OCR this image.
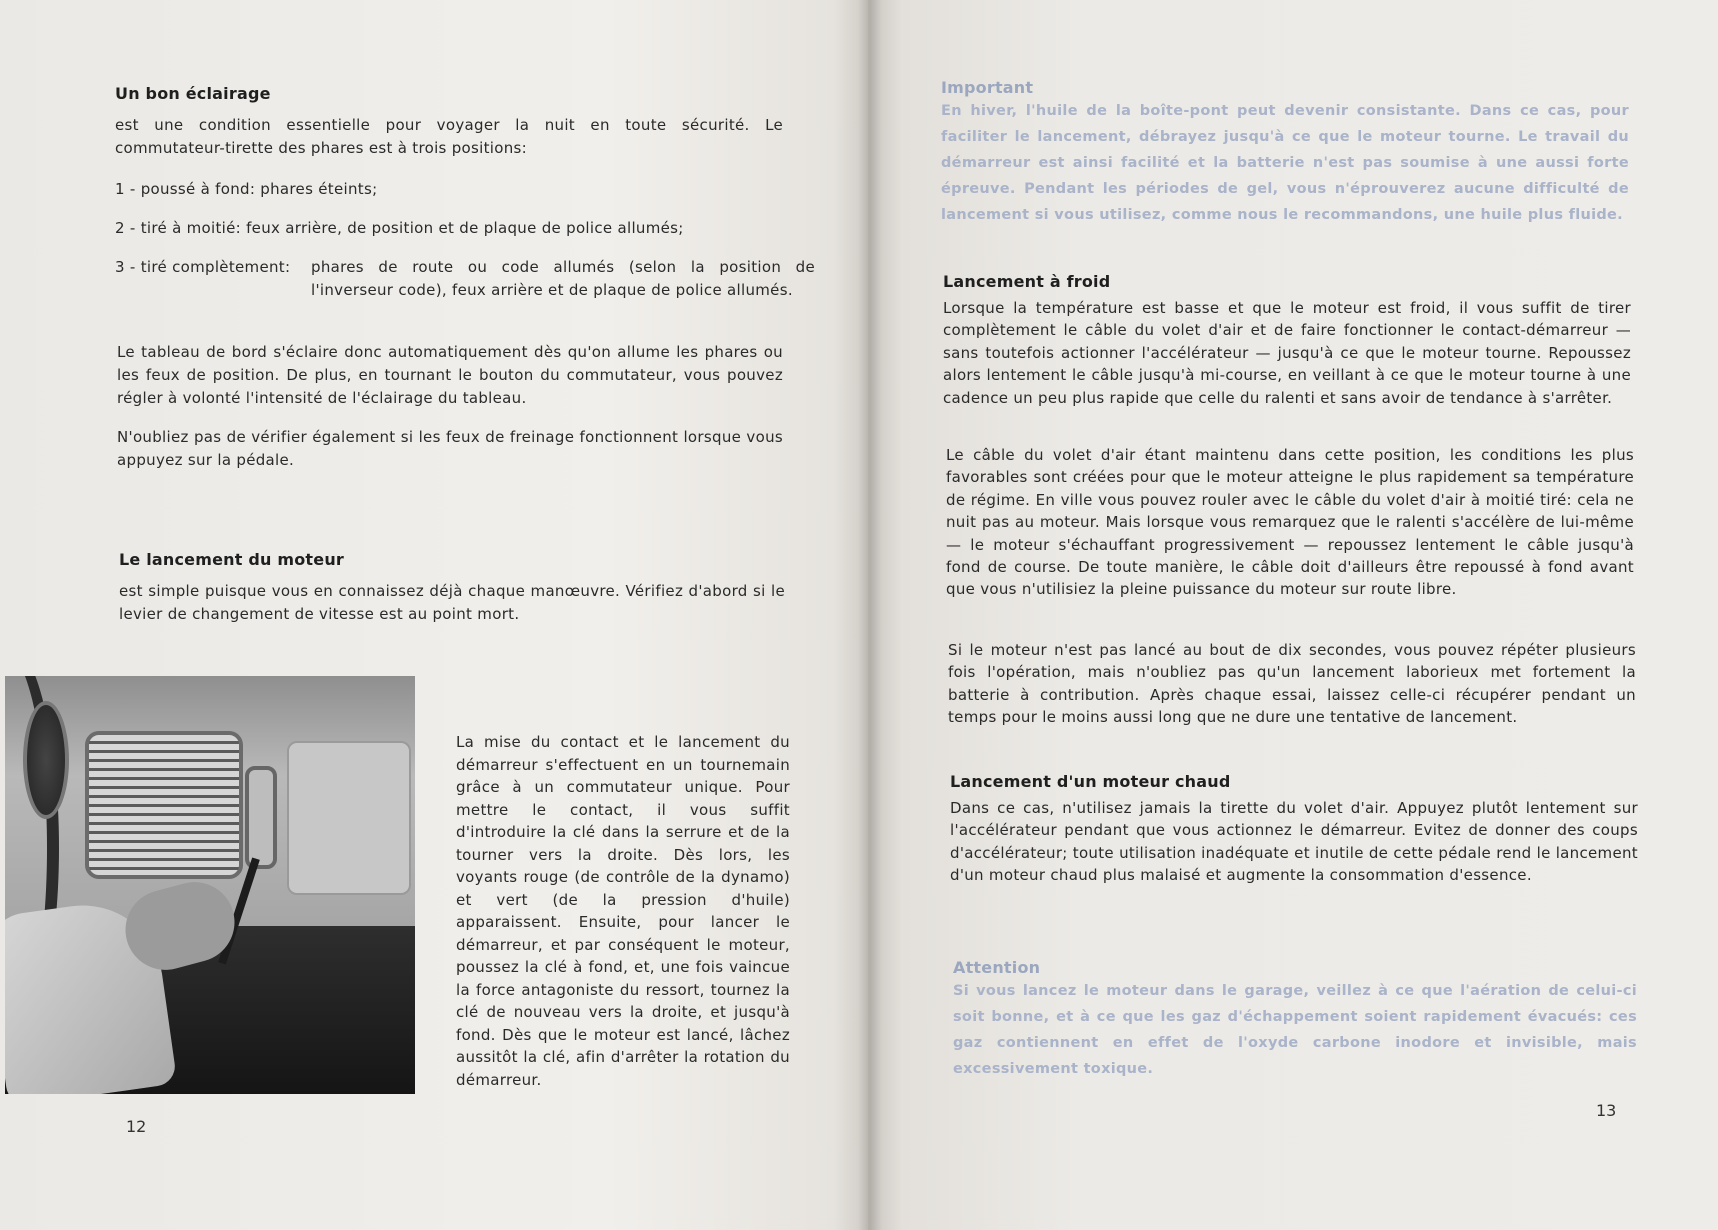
Un bon éclairage

est une condition essentielle pour voyager la nuit en toute sécurité. Le commutateur-tirette des phares est à trois positions:

1 - poussé à fond: phares éteints;
2 - tiré à moitié: feux arrière, de position et de plaque de police allumés;
3 - tiré complètement: phares de route ou code allumés (selon la position de l'inverseur code), feux arrière et de plaque de police allumés.

Le tableau de bord s'éclaire donc automatiquement dès qu'on allume les phares ou les feux de position. De plus, en tournant le bouton du commutateur, vous pouvez régler à volonté l'intensité de l'éclairage du tableau.

N'oubliez pas de vérifier également si les feux de freinage fonctionnent lorsque vous appuyez sur la pédale.

Le lancement du moteur

est simple puisque vous en connaissez déjà chaque manœuvre. Vérifiez d'abord si le levier de changement de vitesse est au point mort.

La mise du contact et le lancement du démarreur s'effectuent en un tournemain grâce à un commutateur unique. Pour mettre le contact, il vous suffit d'introduire la clé dans la serrure et de la tourner vers la droite. Dès lors, les voyants rouge (de contrôle de la dynamo) et vert (de la pression d'huile) apparaissent. Ensuite, pour lancer le démarreur, et par conséquent le moteur, poussez la clé à fond, et, une fois vaincue la force antagoniste du ressort, tournez la clé de nouveau vers la droite, et jusqu'à fond. Dès que le moteur est lancé, lâchez aussitôt la clé, afin d'arrêter la rotation du démarreur.

12
Important

En hiver, l'huile de la boîte-pont peut devenir consistante. Dans ce cas, pour faciliter le lancement, débrayez jusqu'à ce que le moteur tourne. Le travail du démarreur est ainsi facilité et la batterie n'est pas soumise à une aussi forte épreuve. Pendant les périodes de gel, vous n'éprouverez aucune difficulté de lancement si vous utilisez, comme nous le recommandons, une huile plus fluide.

Lancement à froid

Lorsque la température est basse et que le moteur est froid, il vous suffit de tirer complètement le câble du volet d'air et de faire fonctionner le contact-démarreur — sans toutefois actionner l'accélérateur — jusqu'à ce que le moteur tourne. Repoussez alors lentement le câble jusqu'à mi-course, en veillant à ce que le moteur tourne à une cadence un peu plus rapide que celle du ralenti et sans avoir de tendance à s'arrêter.

Le câble du volet d'air étant maintenu dans cette position, les conditions les plus favorables sont créées pour que le moteur atteigne le plus rapidement sa température de régime. En ville vous pouvez rouler avec le câble du volet d'air à moitié tiré: cela ne nuit pas au moteur. Mais lorsque vous remarquez que le ralenti s'accélère de lui-même — le moteur s'échauffant progressivement — repoussez lentement le câble jusqu'à fond de course. De toute manière, le câble doit d'ailleurs être repoussé à fond avant que vous n'utilisiez la pleine puissance du moteur sur route libre.

Si le moteur n'est pas lancé au bout de dix secondes, vous pouvez répéter plusieurs fois l'opération, mais n'oubliez pas qu'un lancement laborieux met fortement la batterie à contribution. Après chaque essai, laissez celle-ci récupérer pendant un temps pour le moins aussi long que ne dure une tentative de lancement.

Lancement d'un moteur chaud

Dans ce cas, n'utilisez jamais la tirette du volet d'air. Appuyez plutôt lentement sur l'accélérateur pendant que vous actionnez le démarreur. Evitez de donner des coups d'accélérateur; toute utilisation inadéquate et inutile de cette pédale rend le lancement d'un moteur chaud plus malaisé et augmente la consommation d'essence.

Attention

Si vous lancez le moteur dans le garage, veillez à ce que l'aération de celui-ci soit bonne, et à ce que les gaz d'échappement soient rapidement évacués: ces gaz contiennent en effet de l'oxyde carbone inodore et invisible, mais excessivement toxique.

13
